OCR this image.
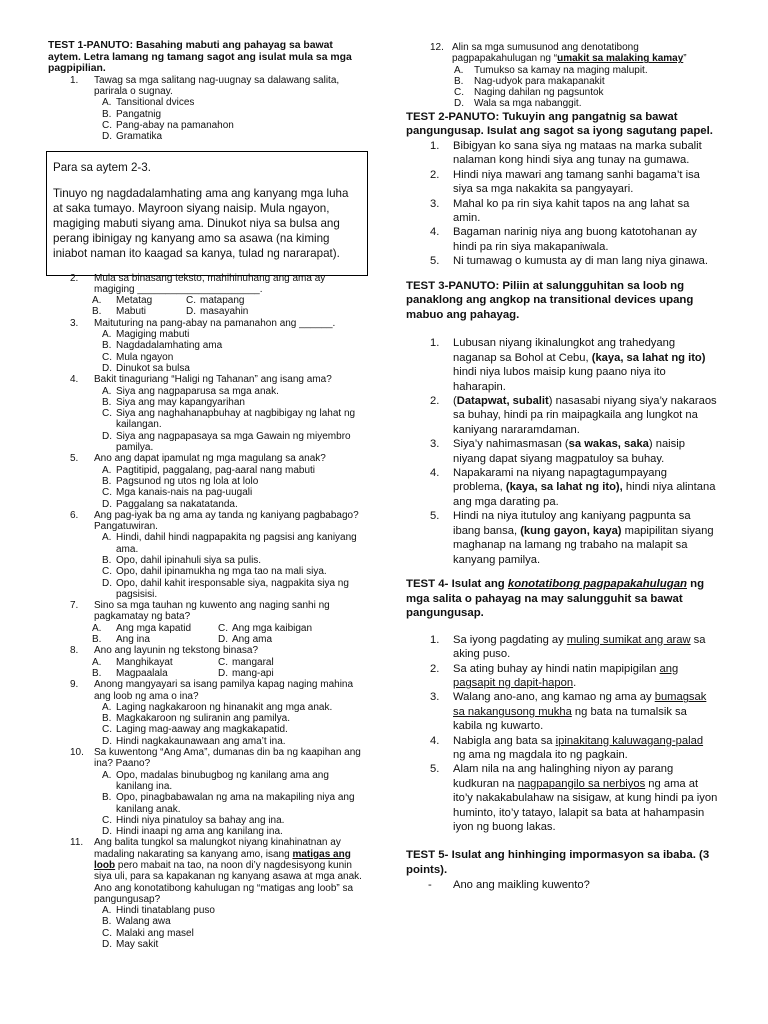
TEST 1-PANUTO: Basahing mabuti ang pahayag sa bawat aytem. Letra lamang ng tamang sagot ang isulat mula sa mga pagpipilian.
1. Tawag sa mga salitang nag-uugnay sa dalawang salita, parirala o sugnay.
A. Tansitional dvices
B. Pangatnig
C. Pang-abay na pamanahon
D. Gramatika

Para sa aytem 2-3.

Tinuyo ng nagdadalamhating ama ang kanyang mga luha at saka tumayo. Mayroon siyang naisip. Mula ngayon, magiging mabuti siyang ama. Dinukot niya sa bulsa ang perang ibinigay ng kanyang amo sa asawa (na kiming iniabot naman ito kaagad sa kanya, tulad ng nararapat).

2. Mula sa binasang teksto, mahihinuhang ang ama ay magiging ______________________.
A. Metatag	C. matapang
B. Mabuti	D. masayahin
3. Maituturing na pang-abay na pamanahon ang ______.
A. Magiging mabuti
B. Nagdadalamhating ama
C. Mula ngayon
D. Dinukot sa bulsa
4. Bakit tinaguriang “Haligi ng Tahanan” ang isang ama?
A. Siya ang nagpaparusa sa mga anak.
B. Siya ang may kapangyarihan
C. Siya ang naghahanapbuhay at nagbibigay ng lahat ng kailangan.
D. Siya ang nagpapasaya sa mga Gawain ng miyembro pamilya.
5. Ano ang dapat ipamulat ng mga magulang sa anak?
A. Pagtitipid, paggalang, pag-aaral nang mabuti
B. Pagsunod ng utos ng lola at lolo
C. Mga kanais-nais na pag-uugali
D. Paggalang sa nakatatanda.
6. Ang pag-iyak ba ng ama ay tanda ng kaniyang pagbabago? Pangatuwiran.
A. Hindi, dahil hindi nagpapakita ng pagsisi ang kaniyang ama.
B. Opo, dahil ipinahuli siya sa pulis.
C. Opo, dahil ipinamukha ng mga tao na mali siya.
D. Opo, dahil kahit iresponsable siya, nagpakita siya ng pagsisisi.
7. Sino sa mga tauhan ng kuwento ang naging sanhi ng pagkamatay ng bata?
A. Ang mga kapatid	C. Ang mga kaibigan
B. Ang ina	D. Ang ama
8. Ano ang layunin ng tekstong binasa?
A. Manghikayat	C. mangaral
B. Magpaalala	D. mang-api
9. Anong mangyayari sa isang pamilya kapag naging mahina ang loob ng ama o ina?
A. Laging nagkakaroon ng hinanakit ang mga anak.
B. Magkakaroon ng suliranin ang pamilya.
C. Laging mag-aaway ang magkakapatid.
D. Hindi nagkakaunawaan ang ama’t ina.
10. Sa kuwentong “Ang Ama”, dumanas din ba ng kaapihan ang ina? Paano?
A. Opo, madalas binubugbog ng kanilang ama ang kanilang ina.
B. Opo, pinagbabawalan ng ama na makapiling niya ang kanilang anak.
C. Hindi niya pinatuloy sa bahay ang ina.
D. Hindi inaapi ng ama ang kanilang ina.
11. Ang balita tungkol sa malungkot niyang kinahinatnan ay madaling nakarating sa kanyang amo, isang matigas ang loob pero mabait na tao, na noon di’y nagdesisyong kunin siya uli, para sa kapakanan ng kanyang asawa at mga anak. Ano ang konotatibong kahulugan ng “matigas ang loob” sa pangungusap?
A. Hindi tinatablang puso
B. Walang awa
C. Malaki ang masel
D. May sakit
12. Alin sa mga sumusunod ang denotatibong pagpapakahulugan ng “umakit sa malaking kamay”
A.	Tumukso sa kamay na maging malupit.
B.	Nag-udyok para makapanakit
C.	Naging dahilan ng pagsuntok
D.	Wala sa mga nabanggit.
TEST 2-PANUTO: Tukuyin ang pangatnig sa bawat pangungusap. Isulat ang sagot sa iyong sagutang papel.
1. Bibigyan ko sana siya ng mataas na marka subalit nalaman kong hindi siya ang tunay na gumawa.
2. Hindi niya mawari ang tamang sanhi bagama’t isa siya sa mga nakakita sa pangyayari.
3. Mahal ko pa rin siya kahit tapos na ang lahat sa amin.
4. Bagaman narinig niya ang buong katotohanan ay hindi pa rin siya makapaniwala.
5. Ni tumawag o kumusta ay di man lang niya ginawa.
TEST 3-PANUTO: Piliin at salungguhitan sa loob ng panaklong ang angkop na transitional devices upang mabuo ang pahayag.
1. Lubusan niyang ikinalungkot ang trahedyang naganap sa Bohol at Cebu, (kaya, sa lahat ng ito) hindi niya lubos maisip kung paano niya ito haharapin.
2. (Datapwat, subalit) nasasabi niyang siya’y nakaraos sa buhay, hindi pa rin maipagkaila ang lungkot na kaniyang nararamdaman.
3. Siya’y nahimasmasan (sa wakas, saka) naisip niyang dapat siyang magpatuloy sa buhay.
4. Napakarami na niyang napagtagumpayang problema, (kaya, sa lahat ng ito), hindi niya alintana ang mga darating pa.
5. Hindi na niya itutuloy ang kaniyang pagpunta sa ibang bansa, (kung gayon, kaya) mapipilitan siyang maghanap na lamang ng trabaho na malapit sa kanyang pamilya.
TEST 4- Isulat ang konotatibong pagpapakahulugan ng mga salita o pahayag na may salungguhit sa bawat pangungusap.
1. Sa iyong pagdating ay muling sumikat ang araw sa aking puso.
2. Sa ating buhay ay hindi natin mapipigilan ang pagsapit ng dapit-hapon.
3. Walang ano-ano, ang kamao ng ama ay bumagsak sa nakangusong mukha ng bata na tumalsik sa kabila ng kuwarto.
4. Nabigla ang bata sa ipinakitang kaluwagang-palad ng ama ng magdala ito ng pagkain.
5. Alam nila na ang halinghing niyon ay parang kudkuran na nagpapangilo sa nerbiyos ng ama at ito’y nakakabulahaw na sisigaw, at kung hindi pa iyon huminto, ito’y tatayo, lalapit sa bata at hahampasin iyon ng buong lakas.
TEST 5- Isulat ang hinhinging impormasyon sa ibaba. (3 points).
- Ano ang maikling kuwento?
